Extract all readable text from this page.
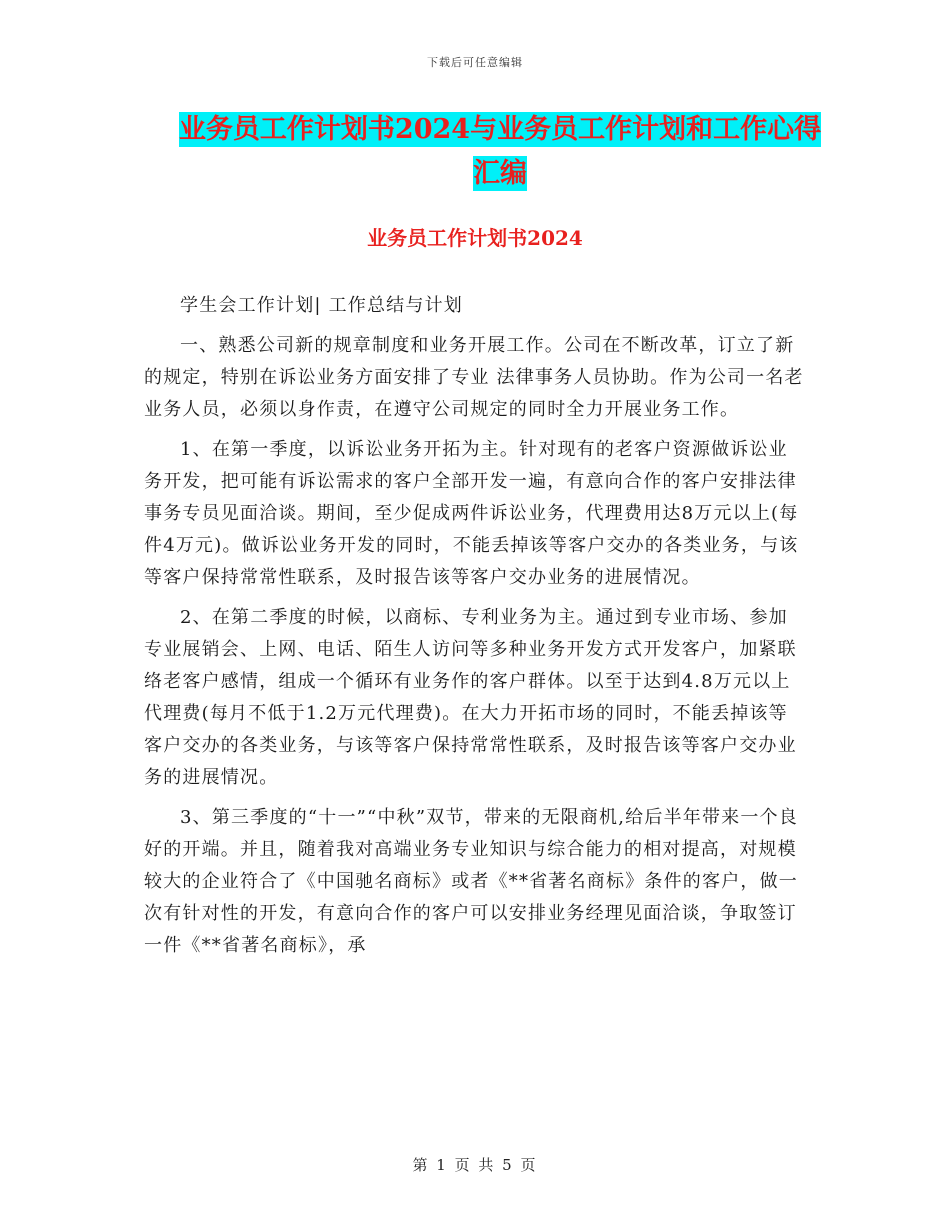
下载后可任意编辑
业务员工作计划书2024与业务员工作计划和工作心得
汇编
业务员工作计划书2024

学生会工作计划| 工作总结与计划

一、熟悉公司新的规章制度和业务开展工作。公司在不断改革，订立了新的规定，特别在诉讼业务方面安排了专业 法律事务人员协助。作为公司一名老业务人员，必须以身作责，在遵守公司规定的同时全力开展业务工作。

1、在第一季度，以诉讼业务开拓为主。针对现有的老客户资源做诉讼业务开发，把可能有诉讼需求的客户全部开发一遍，有意向合作的客户安排法律事务专员见面洽谈。期间，至少促成两件诉讼业务，代理费用达8万元以上(每件4万元)。做诉讼业务开发的同时，不能丢掉该等客户交办的各类业务，与该等客户保持常常性联系，及时报告该等客户交办业务的进展情况。

2、在第二季度的时候，以商标、专利业务为主。通过到专业市场、参加专业展销会、上网、电话、陌生人访问等多种业务开发方式开发客户，加紧联络老客户感情，组成一个循环有业务作的客户群体。以至于达到4.8万元以上代理费(每月不低于1.2万元代理费)。在大力开拓市场的同时，不能丢掉该等客户交办的各类业务，与该等客户保持常常性联系，及时报告该等客户交办业务的进展情况。

3、第三季度的“十一”“中秋”双节，带来的无限商机,给后半年带来一个良好的开端。并且，随着我对高端业务专业知识与综合能力的相对提高，对规模较大的企业符合了《中国驰名商标》或者《**省著名商标》条件的客户，做一次有针对性的开发，有意向合作的客户可以安排业务经理见面洽谈，争取签订一件《**省著名商标》，承

第 1 页 共 5 页
